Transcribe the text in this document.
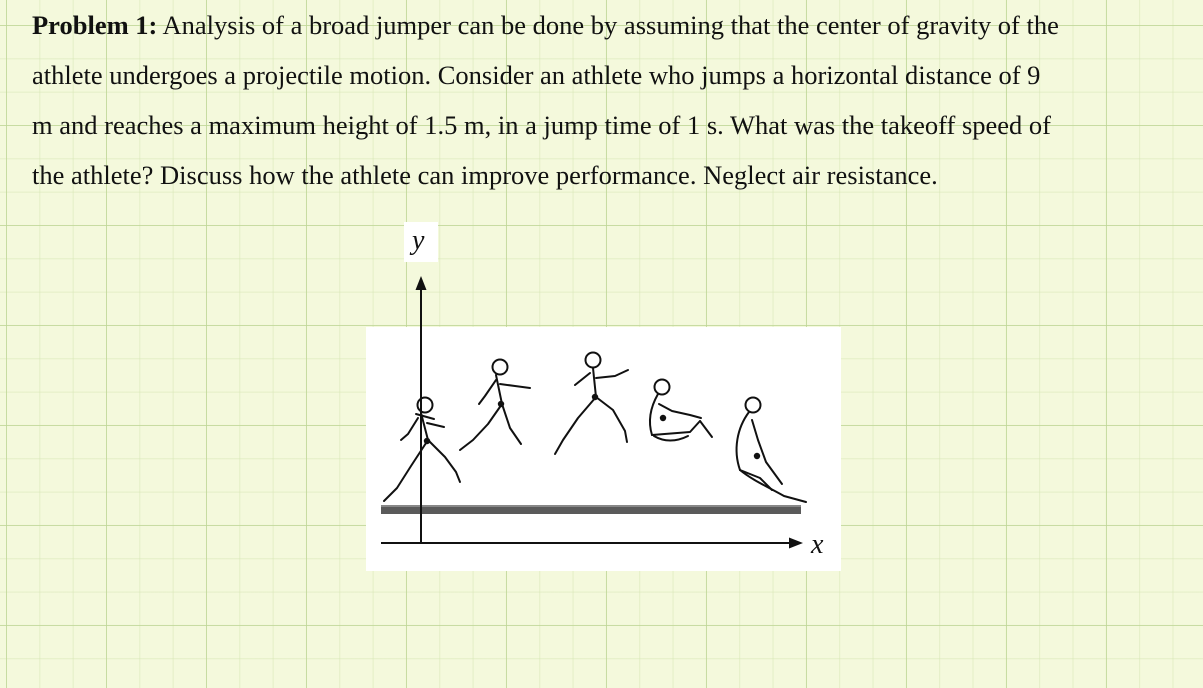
Problem 1: Analysis of a broad jumper can be done by assuming that the center of gravity of the
athlete undergoes a projectile motion. Consider an athlete who jumps a horizontal distance of 9
m and reaches a maximum height of 1.5 m, in a jump time of 1 s. What was the takeoff speed of
the athlete? Discuss how the athlete can improve performance. Neglect air resistance.

y
x
